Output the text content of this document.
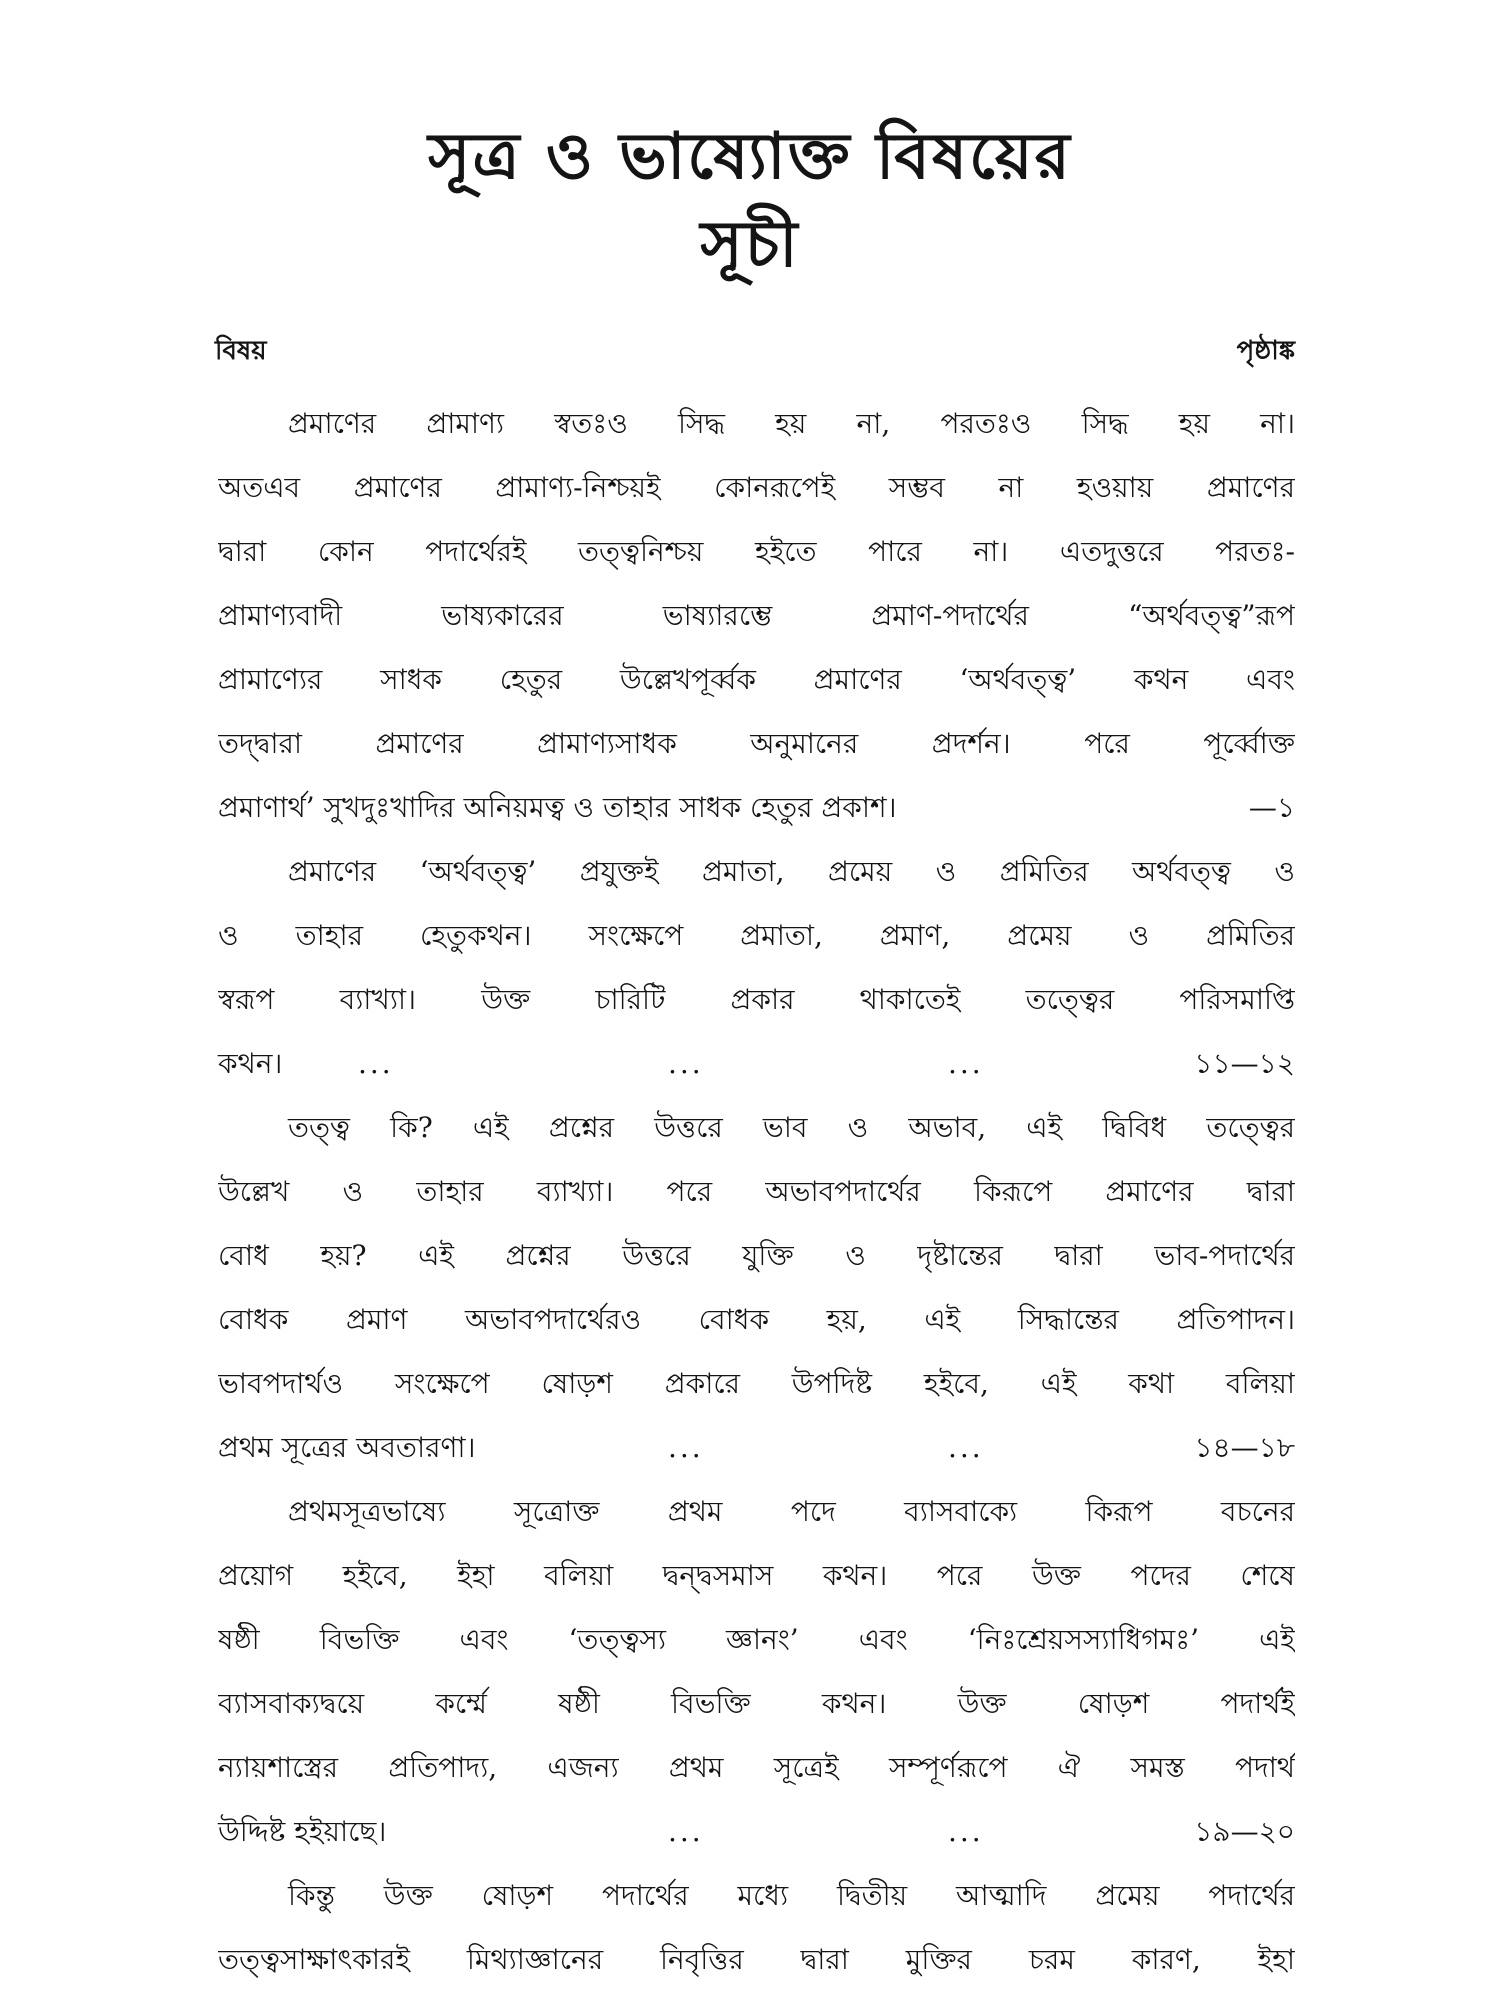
সূত্র ও ভাষ্যোক্ত বিষয়ের
সূচী
বিষয়	পৃষ্ঠাঙ্ক
প্রমাণের প্রামাণ্য স্বতঃও সিদ্ধ হয় না, পরতঃও সিদ্ধ হয় না।
অতএব প্রমাণের প্রামাণ্য-নিশ্চয়ই কোনরূপেই সম্ভব না হওয়ায় প্রমাণের
দ্বারা কোন পদার্থেরই তত্ত্বনিশ্চয় হইতে পারে না। এতদুত্তরে পরতঃ-
প্রামাণ্যবাদী ভাষ্যকারের ভাষ্যারম্ভে প্রমাণ-পদার্থের “অর্থবত্ত্ব”রূপ
প্রামাণ্যের সাধক হেতুর উল্লেখপূর্ব্বক প্রমাণের ‘অর্থবত্ত্ব’ কথন এবং
তদ্দ্বারা প্রমাণের প্রামাণ্যসাধক অনুমানের প্রদর্শন। পরে পূর্ব্বোক্ত
প্রমাণার্থ’ সুখদুঃখাদির অনিয়মত্ব ও তাহার সাধক হেতুর প্রকাশ।	—১
প্রমাণের ‘অর্থবত্ত্ব’ প্রযুক্তই প্রমাতা, প্রমেয় ও প্রমিতির অর্থবত্ত্ব ও
ও তাহার হেতুকথন। সংক্ষেপে প্রমাতা, প্রমাণ, প্রমেয় ও প্রমিতির
স্বরূপ ব্যাখ্যা। উক্ত চারিটি প্রকার থাকাতেই তত্ত্বের পরিসমাপ্তি
কথন।	...	...	...	১১—১২
তত্ত্ব কি? এই প্রশ্নের উত্তরে ভাব ও অভাব, এই দ্বিবিধ তত্ত্বের
উল্লেখ ও তাহার ব্যাখ্যা। পরে অভাবপদার্থের কিরূপে প্রমাণের দ্বারা
বোধ হয়? এই প্রশ্নের উত্তরে যুক্তি ও দৃষ্টান্তের দ্বারা ভাব-পদার্থের
বোধক প্রমাণ অভাবপদার্থেরও বোধক হয়, এই সিদ্ধান্তের প্রতিপাদন।
ভাবপদার্থও সংক্ষেপে ষোড়শ প্রকারে উপদিষ্ট হইবে, এই কথা বলিয়া
প্রথম সূত্রের অবতারণা।	...	...	১৪—১৮
প্রথমসূত্রভাষ্যে সূত্রোক্ত প্রথম পদে ব্যাসবাক্যে কিরূপ বচনের
প্রয়োগ হইবে, ইহা বলিয়া দ্বন্দ্বসমাস কথন। পরে উক্ত পদের শেষে
ষষ্ঠী বিভক্তি এবং ‘তত্ত্বস্য জ্ঞানং’ এবং ‘নিঃশ্রেয়সস্যাধিগমঃ’ এই
ব্যাসবাক্যদ্বয়ে কর্ম্মে ষষ্ঠী বিভক্তি কথন। উক্ত ষোড়শ পদার্থই
ন্যায়শাস্ত্রের প্রতিপাদ্য, এজন্য প্রথম সূত্রেই সম্পূর্ণরূপে ঐ সমস্ত পদার্থ
উদ্দিষ্ট হইয়াছে।	...	...	১৯—২০
কিন্তু উক্ত ষোড়শ পদার্থের মধ্যে দ্বিতীয় আত্মাদি প্রমেয় পদার্থের
তত্ত্বসাক্ষাৎকারই মিথ্যাজ্ঞানের নিবৃত্তির দ্বারা মুক্তির চরম কারণ, ইহা
